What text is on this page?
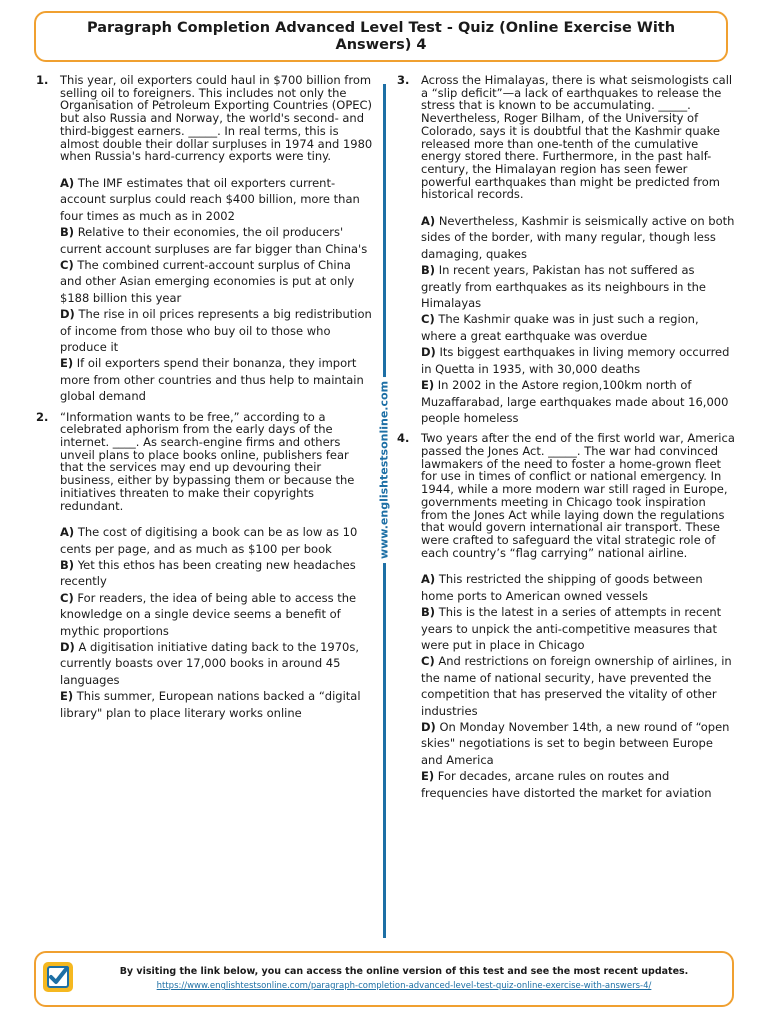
Paragraph Completion Advanced Level Test - Quiz (Online Exercise With Answers) 4
1. This year, oil exporters could haul in $700 billion from selling oil to foreigners. This includes not only the Organisation of Petroleum Exporting Countries (OPEC) but also Russia and Norway, the world's second- and third-biggest earners. _____. In real terms, this is almost double their dollar surpluses in 1974 and 1980 when Russia's hard-currency exports were tiny.

A) The IMF estimates that oil exporters current-account surplus could reach $400 billion, more than four times as much as in 2002
B) Relative to their economies, the oil producers' current account surpluses are far bigger than China's
C) The combined current-account surplus of China and other Asian emerging economies is put at only $188 billion this year
D) The rise in oil prices represents a big redistribution of income from those who buy oil to those who produce it
E) If oil exporters spend their bonanza, they import more from other countries and thus help to maintain global demand
2. “Information wants to be free,” according to a celebrated aphorism from the early days of the internet. ____. As search-engine firms and others unveil plans to place books online, publishers fear that the services may end up devouring their business, either by bypassing them or because the initiatives threaten to make their copyrights redundant.

A) The cost of digitising a book can be as low as 10 cents per page, and as much as $100 per book
B) Yet this ethos has been creating new headaches recently
C) For readers, the idea of being able to access the knowledge on a single device seems a benefit of mythic proportions
D) A digitisation initiative dating back to the 1970s, currently boasts over 17,000 books in around 45 languages
E) This summer, European nations backed a “digital library" plan to place literary works online
www.englishtestsonline.com
3. Across the Himalayas, there is what seismologists call a “slip deficit”—a lack of earthquakes to release the stress that is known to be accumulating. _____. Nevertheless, Roger Bilham, of the University of Colorado, says it is doubtful that the Kashmir quake released more than one-tenth of the cumulative energy stored there. Furthermore, in the past half-century, the Himalayan region has seen fewer powerful earthquakes than might be predicted from historical records.

A) Nevertheless, Kashmir is seismically active on both sides of the border, with many regular, though less damaging, quakes
B) In recent years, Pakistan has not suffered as greatly from earthquakes as its neighbours in the Himalayas
C) The Kashmir quake was in just such a region, where a great earthquake was overdue
D) Its biggest earthquakes in living memory occurred in Quetta in 1935, with 30,000 deaths
E) In 2002 in the Astore region,100km north of Muzaffarabad, large earthquakes made about 16,000 people homeless
4. Two years after the end of the first world war, America passed the Jones Act. _____. The war had convinced lawmakers of the need to foster a home-grown fleet for use in times of conflict or national emergency. In 1944, while a more modern war still raged in Europe, governments meeting in Chicago took inspiration from the Jones Act while laying down the regulations that would govern international air transport. These were crafted to safeguard the vital strategic role of each country’s “flag carrying” national airline.

A) This restricted the shipping of goods between home ports to American owned vessels
B) This is the latest in a series of attempts in recent years to unpick the anti-competitive measures that were put in place in Chicago
C) And restrictions on foreign ownership of airlines, in the name of national security, have prevented the competition that has preserved the vitality of other industries
D) On Monday November 14th, a new round of “open skies" negotiations is set to begin between Europe and America
E) For decades, arcane rules on routes and frequencies have distorted the market for aviation
By visiting the link below, you can access the online version of this test and see the most recent updates.
https://www.englishtestsonline.com/paragraph-completion-advanced-level-test-quiz-online-exercise-with-answers-4/
